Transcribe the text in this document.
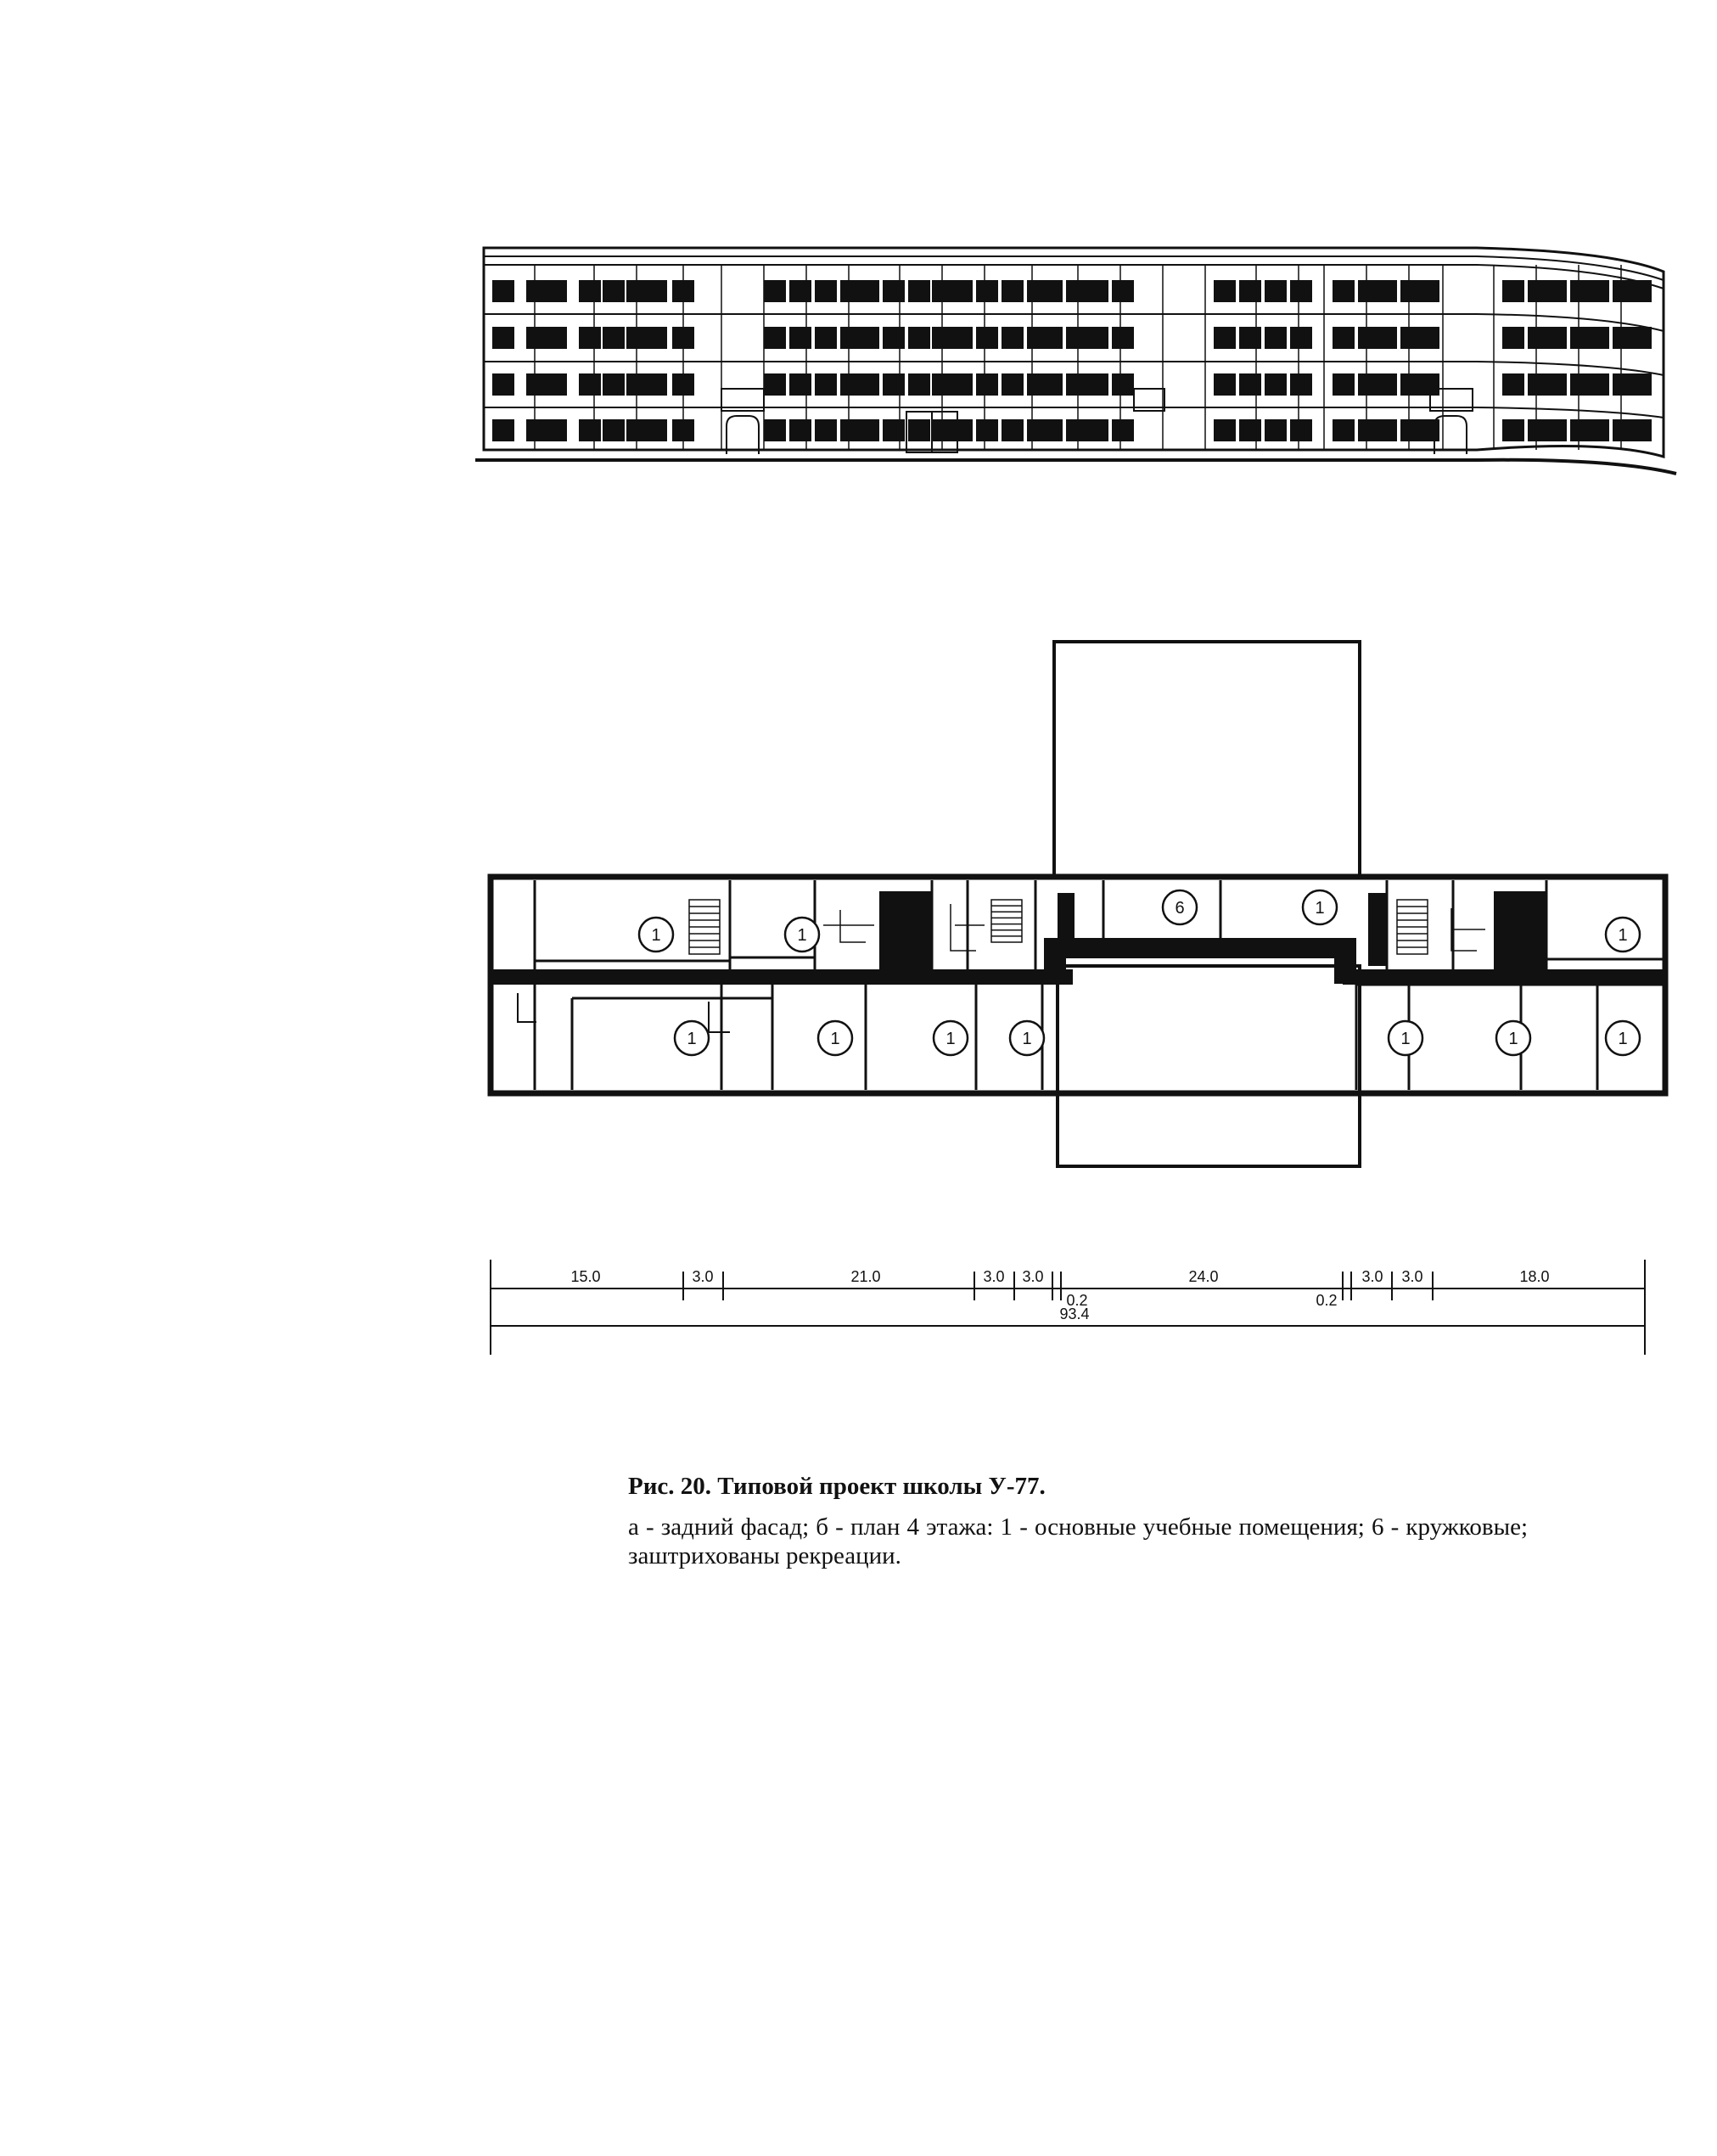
1	1
6	1
1
1	1	1	1	1	1	1
15.0	3.0	21.0	3.0 3.0	24.0	3.0 3.0	18.0
0.2	0.2
93.4

Рис. 20. Типовой проект школы У-77.

а - задний фасад; б - план 4 этажа: 1 - основные учебные помещения; 6 - кружковые; заштрихованы рекреации.
